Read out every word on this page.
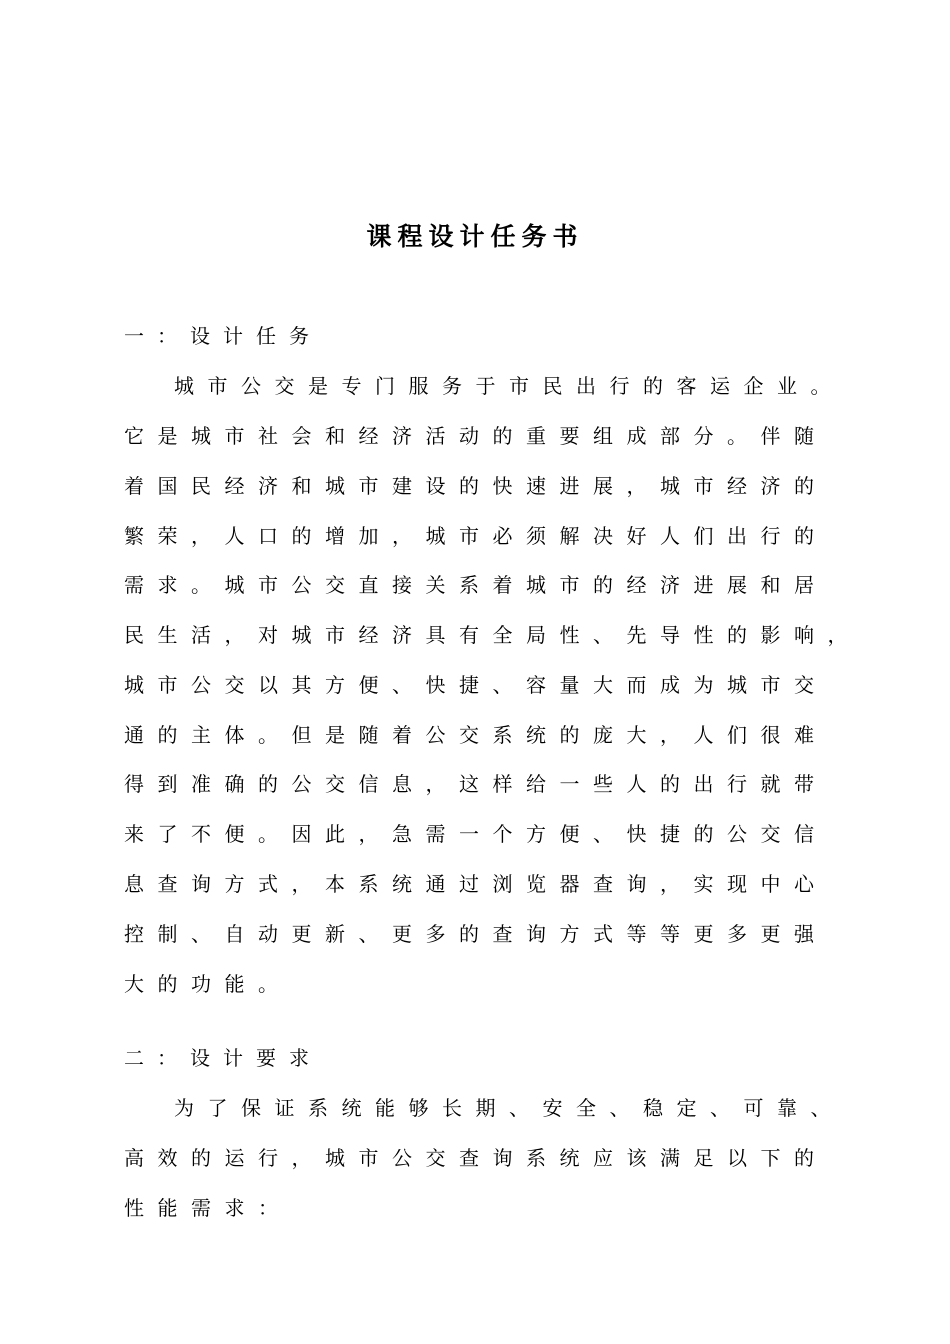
课程设计任务书

一：设计任务

城市公交是专门服务于市民出行的客运企业。

它是城市社会和经济活动的重要组成部分。伴随

着国民经济和城市建设的快速进展，城市经济的

繁荣，人口的增加，城市必须解决好人们出行的

需求。城市公交直接关系着城市的经济进展和居

民生活，对城市经济具有全局性、先导性的影响，

城市公交以其方便、快捷、容量大而成为城市交

通的主体。但是随着公交系统的庞大，人们很难

得到准确的公交信息，这样给一些人的出行就带

来了不便。因此，急需一个方便、快捷的公交信

息查询方式，本系统通过浏览器查询，实现中心

控制、自动更新、更多的查询方式等等更多更强

大的功能。

二：设计要求

为了保证系统能够长期、安全、稳定、可靠、

高效的运行，城市公交查询系统应该满足以下的

性能需求：
